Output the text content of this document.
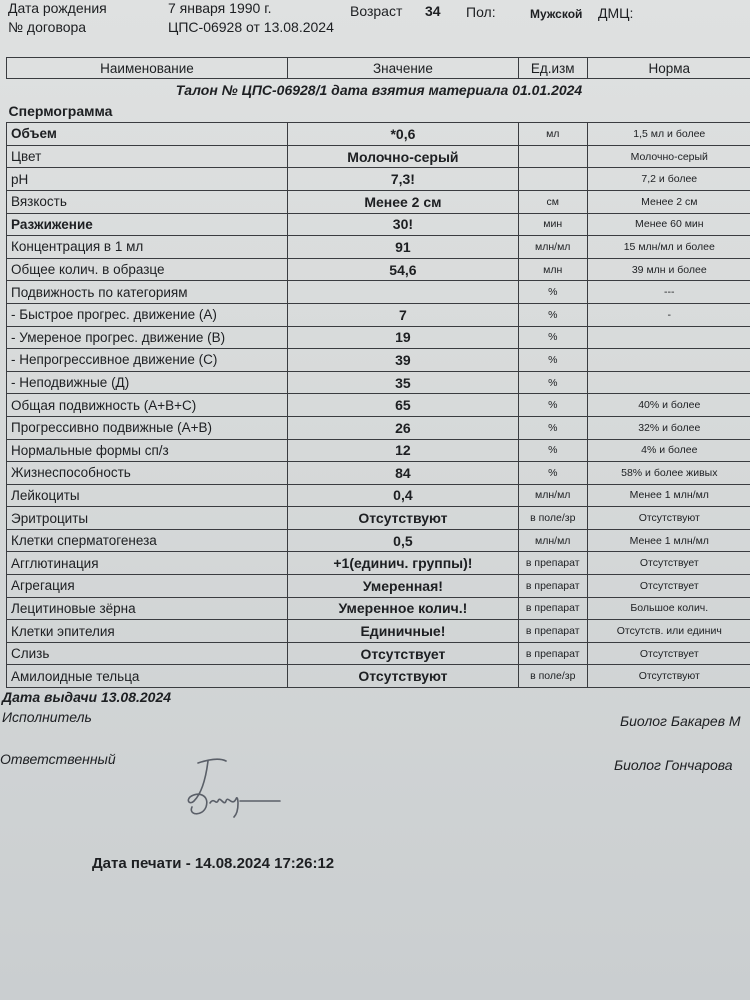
Дата рождения	7 января 1990 г.	Возраст 34 Пол:	Мужской ДМЦ:
№ договора	ЦПС-06928 от 13.08.2024
Наименование	Значение	Ед.изм	Норма
Талон № ЦПС-06928/1 дата взятия материала 01.01.2024			
Спермограмма			
Объем	*0,6	мл	1,5 мл и более
Цвет	Молочно-серый		Молочно-серый
pH	7,3!		7,2 и более
Вязкость	Менее 2 см	см	Менее 2 см
Разжижение	30!	мин	Менее 60 мин
Концентрация в 1 мл	91	млн/мл	15 млн/мл и более
Общее колич. в образце	54,6	млн	39 млн и более
Подвижность по категориям		%	---
- Быстрое прогрес. движение (А)	7	%	-
- Умереное прогрес. движение (В)	19	%	
- Непрогрессивное движение (С)	39	%	
- Неподвижные (Д)	35	%	
Общая подвижность (А+В+С)	65	%	40% и более
Прогрессивно подвижные (А+В)	26	%	32% и более
Нормальные формы сп/з	12	%	4% и более
Жизнеспособность	84	%	58% и более живых
Лейкоциты	0,4	млн/мл	Менее 1 млн/мл
Эритроциты	Отсутствуют	в поле/зр	Отсутствуют
Клетки сперматогенеза	0,5	млн/мл	Менее 1 млн/мл
Агглютинация	+1(единич. группы)!	в препарат	Отсутствует
Агрегация	Умеренная!	в препарат	Отсутствует
Лецитиновые зёрна	Умеренное колич.!	в препарат	Большое колич.
Клетки эпителия	Единичные!	в препарат	Отсутств. или единич
Слизь	Отсутствует	в препарат	Отсутствует
Амилоидные тельца	Отсутствуют	в поле/зр	Отсутствуют
Дата выдачи 13.08.2024
Исполнитель	Биолог Бакарев М
Ответственный	Биолог Гончарова
Дата печати - 14.08.2024 17:26:12
